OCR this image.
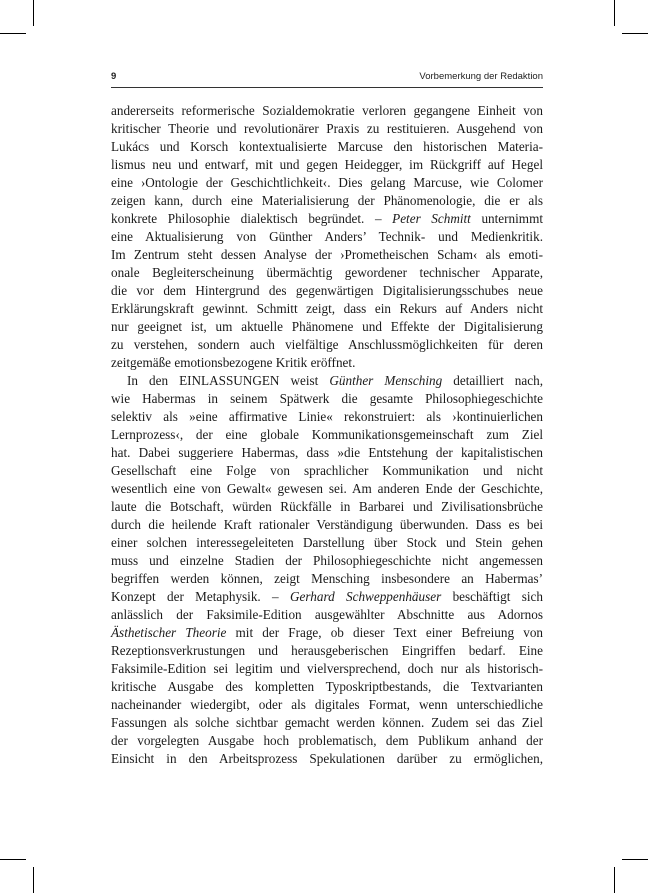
9	Vorbemerkung der Redaktion
andererseits reformerische Sozialdemokratie verloren gegangene Einheit von
kritischer Theorie und revolutionärer Praxis zu restituieren. Ausgehend von
Lukács und Korsch kontextualisierte Marcuse den historischen Materia-
lismus neu und entwarf, mit und gegen Heidegger, im Rückgriff auf Hegel
eine ›Ontologie der Geschichtlichkeit‹. Dies gelang Marcuse, wie Colomer
zeigen kann, durch eine Materialisierung der Phänomenologie, die er als
konkrete Philosophie dialektisch begründet. – Peter Schmitt unternimmt
eine Aktualisierung von Günther Anders’ Technik- und Medienkritik.
Im Zentrum steht dessen Analyse der ›Prometheischen Scham‹ als emoti-
onale Begleiterscheinung übermächtig gewordener technischer Apparate,
die vor dem Hintergrund des gegenwärtigen Digitalisierungsschubes neue
Erklärungskraft gewinnt. Schmitt zeigt, dass ein Rekurs auf Anders nicht
nur geeignet ist, um aktuelle Phänomene und Effekte der Digitalisierung
zu verstehen, sondern auch vielfältige Anschlussmöglichkeiten für deren
zeitgemäße emotionsbezogene Kritik eröffnet.
In den EINLASSUNGEN weist Günther Mensching detailliert nach,
wie Habermas in seinem Spätwerk die gesamte Philosophiegeschichte
selektiv als »eine affirmative Linie« rekonstruiert: als ›kontinuierlichen
Lernprozess‹, der eine globale Kommunikationsgemeinschaft zum Ziel
hat. Dabei suggeriere Habermas, dass »die Entstehung der kapitalistischen
Gesellschaft eine Folge von sprachlicher Kommunikation und nicht
wesentlich eine von Gewalt« gewesen sei. Am anderen Ende der Geschichte,
laute die Botschaft, würden Rückfälle in Barbarei und Zivilisationsbrüche
durch die heilende Kraft rationaler Verständigung überwunden. Dass es bei
einer solchen interessegeleiteten Darstellung über Stock und Stein gehen
muss und einzelne Stadien der Philosophiegeschichte nicht angemessen
begriffen werden können, zeigt Mensching insbesondere an Habermas’
Konzept der Metaphysik. – Gerhard Schweppenhäuser beschäftigt sich
anlässlich der Faksimile-Edition ausgewählter Abschnitte aus Adornos
Ästhetischer Theorie mit der Frage, ob dieser Text einer Befreiung von
Rezeptionsverkrustungen und herausgeberischen Eingriffen bedarf. Eine
Faksimile-Edition sei legitim und vielversprechend, doch nur als historisch-
kritische Ausgabe des kompletten Typoskriptbestands, die Textvarianten
nacheinander wiedergibt, oder als digitales Format, wenn unterschiedliche
Fassungen als solche sichtbar gemacht werden können. Zudem sei das Ziel
der vorgelegten Ausgabe hoch problematisch, dem Publikum anhand der
Einsicht in den Arbeitsprozess Spekulationen darüber zu ermöglichen,
